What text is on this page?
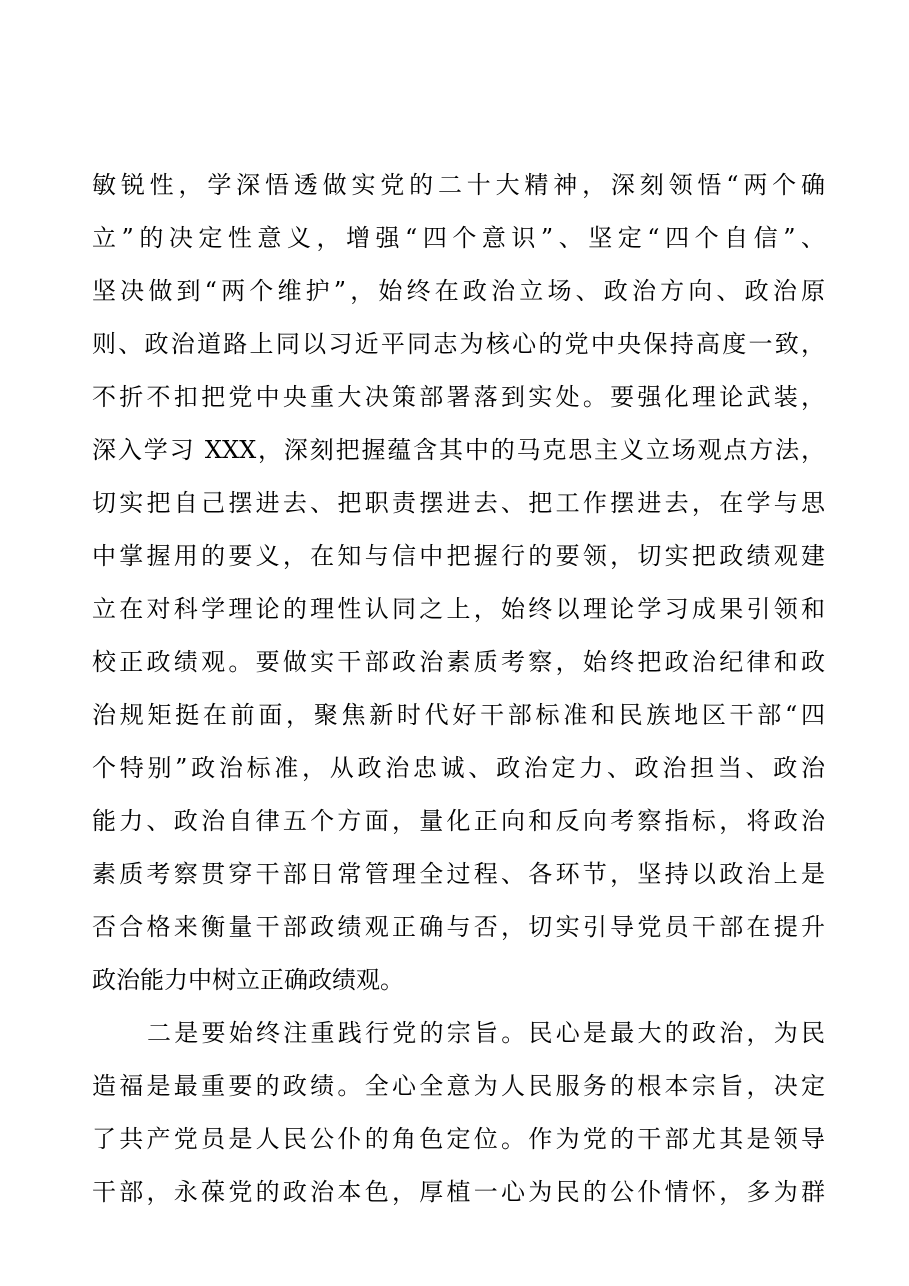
敏锐性，学深悟透做实党的二十大精神，深刻领悟“两个确

立”的决定性意义，增强“四个意识”、坚定“四个自信”、

坚决做到“两个维护”，始终在政治立场、政治方向、政治原

则、政治道路上同以习近平同志为核心的党中央保持高度一致，

不折不扣把党中央重大决策部署落到实处。要强化理论武装，

深入学习 XXX，深刻把握蕴含其中的马克思主义立场观点方法，

切实把自己摆进去、把职责摆进去、把工作摆进去，在学与思

中掌握用的要义，在知与信中把握行的要领，切实把政绩观建

立在对科学理论的理性认同之上，始终以理论学习成果引领和

校正政绩观。要做实干部政治素质考察，始终把政治纪律和政

治规矩挺在前面，聚焦新时代好干部标准和民族地区干部“四

个特别”政治标准，从政治忠诚、政治定力、政治担当、政治

能力、政治自律五个方面，量化正向和反向考察指标，将政治

素质考察贯穿干部日常管理全过程、各环节，坚持以政治上是

否合格来衡量干部政绩观正确与否，切实引导党员干部在提升

政治能力中树立正确政绩观。

二是要始终注重践行党的宗旨。民心是最大的政治，为民

造福是最重要的政绩。全心全意为人民服务的根本宗旨，决定

了共产党员是人民公仆的角色定位。作为党的干部尤其是领导

干部，永葆党的政治本色，厚植一心为民的公仆情怀，多为群
